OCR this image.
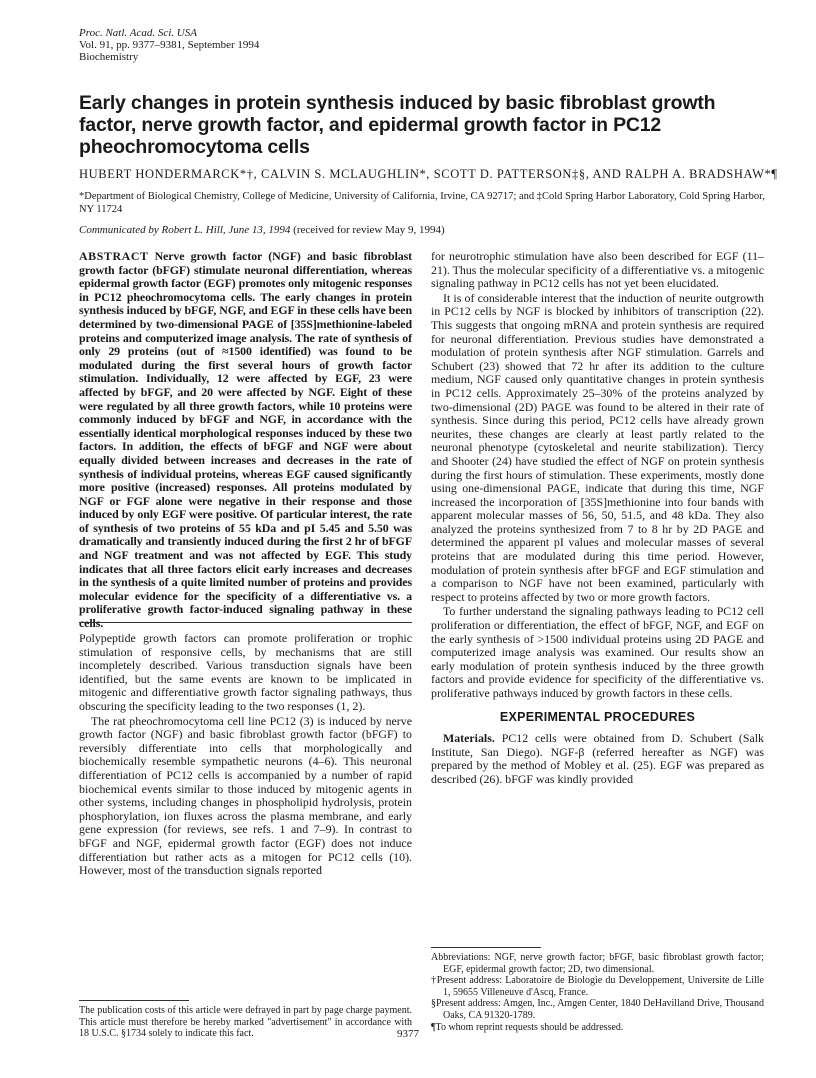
Proc. Natl. Acad. Sci. USA
Vol. 91, pp. 9377–9381, September 1994
Biochemistry
Early changes in protein synthesis induced by basic fibroblast growth factor, nerve growth factor, and epidermal growth factor in PC12 pheochromocytoma cells
HUBERT HONDERMARCK*†, CALVIN S. MCLAUGHLIN*, SCOTT D. PATTERSON‡§, AND RALPH A. BRADSHAW*¶
*Department of Biological Chemistry, College of Medicine, University of California, Irvine, CA 92717; and ‡Cold Spring Harbor Laboratory, Cold Spring Harbor, NY 11724
Communicated by Robert L. Hill, June 13, 1994 (received for review May 9, 1994)

ABSTRACT Nerve growth factor (NGF) and basic fibroblast growth factor (bFGF) stimulate neuronal differentiation, whereas epidermal growth factor (EGF) promotes only mitogenic responses in PC12 pheochromocytoma cells. The early changes in protein synthesis induced by bFGF, NGF, and EGF in these cells have been determined by two-dimensional PAGE of [35S]methionine-labeled proteins and computerized image analysis. The rate of synthesis of only 29 proteins (out of ≈1500 identified) was found to be modulated during the first several hours of growth factor stimulation. Individually, 12 were affected by EGF, 23 were affected by bFGF, and 20 were affected by NGF. Eight of these were regulated by all three growth factors, while 10 proteins were commonly induced by bFGF and NGF, in accordance with the essentially identical morphological responses induced by these two factors. In addition, the effects of bFGF and NGF were about equally divided between increases and decreases in the rate of synthesis of individual proteins, whereas EGF caused significantly more positive (increased) responses. All proteins modulated by NGF or FGF alone were negative in their response and those induced by only EGF were positive. Of particular interest, the rate of synthesis of two proteins of 55 kDa and pI 5.45 and 5.50 was dramatically and transiently induced during the first 2 hr of bFGF and NGF treatment and was not affected by EGF. This study indicates that all three factors elicit early increases and decreases in the synthesis of a quite limited number of proteins and provides molecular evidence for the specificity of a differentiative vs. a proliferative growth factor-induced signaling pathway in these cells.

Polypeptide growth factors can promote proliferation or trophic stimulation of responsive cells, by mechanisms that are still incompletely described. Various transduction signals have been identified, but the same events are known to be implicated in mitogenic and differentiative growth factor signaling pathways, thus obscuring the specificity leading to the two responses (1, 2).

The rat pheochromocytoma cell line PC12 (3) is induced by nerve growth factor (NGF) and basic fibroblast growth factor (bFGF) to reversibly differentiate into cells that morphologically and biochemically resemble sympathetic neurons (4–6). This neuronal differentiation of PC12 cells is accompanied by a number of rapid biochemical events similar to those induced by mitogenic agents in other systems, including changes in phospholipid hydrolysis, protein phosphorylation, ion fluxes across the plasma membrane, and early gene expression (for reviews, see refs. 1 and 7–9). In contrast to bFGF and NGF, epidermal growth factor (EGF) does not induce differentiation but rather acts as a mitogen for PC12 cells (10). However, most of the transduction signals reported

The publication costs of this article were defrayed in part by page charge payment. This article must therefore be hereby marked "advertisement" in accordance with 18 U.S.C. §1734 solely to indicate this fact.

for neurotrophic stimulation have also been described for EGF (11–21). Thus the molecular specificity of a differentiative vs. a mitogenic signaling pathway in PC12 cells has not yet been elucidated.

It is of considerable interest that the induction of neurite outgrowth in PC12 cells by NGF is blocked by inhibitors of transcription (22). This suggests that ongoing mRNA and protein synthesis are required for neuronal differentiation. Previous studies have demonstrated a modulation of protein synthesis after NGF stimulation. Garrels and Schubert (23) showed that 72 hr after its addition to the culture medium, NGF caused only quantitative changes in protein synthesis in PC12 cells. Approximately 25–30% of the proteins analyzed by two-dimensional (2D) PAGE was found to be altered in their rate of synthesis. Since during this period, PC12 cells have already grown neurites, these changes are clearly at least partly related to the neuronal phenotype (cytoskeletal and neurite stabilization). Tiercy and Shooter (24) have studied the effect of NGF on protein synthesis during the first hours of stimulation. These experiments, mostly done using one-dimensional PAGE, indicate that during this time, NGF increased the incorporation of [35S]methionine into four bands with apparent molecular masses of 56, 50, 51.5, and 48 kDa. They also analyzed the proteins synthesized from 7 to 8 hr by 2D PAGE and determined the apparent pI values and molecular masses of several proteins that are modulated during this time period. However, modulation of protein synthesis after bFGF and EGF stimulation and a comparison to NGF have not been examined, particularly with respect to proteins affected by two or more growth factors.

To further understand the signaling pathways leading to PC12 cell proliferation or differentiation, the effect of bFGF, NGF, and EGF on the early synthesis of >1500 individual proteins using 2D PAGE and computerized image analysis was examined. Our results show an early modulation of protein synthesis induced by the three growth factors and provide evidence for specificity of the differentiative vs. proliferative pathways induced by growth factors in these cells.

EXPERIMENTAL PROCEDURES

Materials. PC12 cells were obtained from D. Schubert (Salk Institute, San Diego). NGF-β (referred hereafter as NGF) was prepared by the method of Mobley et al. (25). EGF was prepared as described (26). bFGF was kindly provided

Abbreviations: NGF, nerve growth factor; bFGF, basic fibroblast growth factor; EGF, epidermal growth factor; 2D, two dimensional.

†Present address: Laboratoire de Biologie du Developpement, Universite de Lille 1, 59655 Villeneuve d'Ascq, France.

§Present address: Amgen, Inc., Amgen Center, 1840 DeHavilland Drive, Thousand Oaks, CA 91320-1789.

¶To whom reprint requests should be addressed.

9377
